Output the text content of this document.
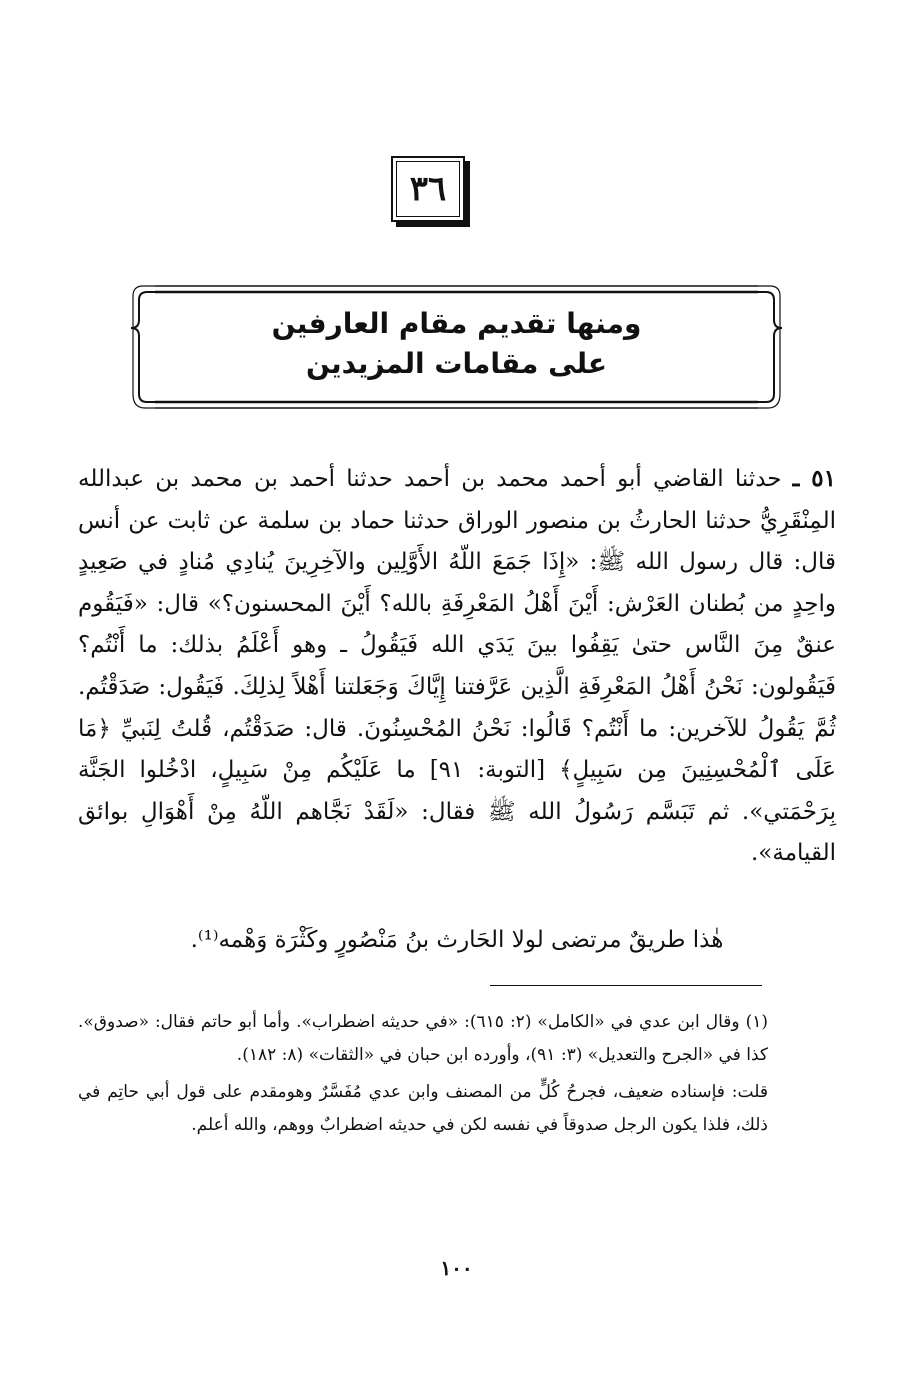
٣٦
ومنها تقديم مقام العارفين
على مقامات المزيدين

٥١ ـ حدثنا القاضي أبو أحمد محمد بن أحمد حدثنا أحمد بن محمد بن عبدالله المِنْقَرِيُّ حدثنا الحارثُ بن منصور الوراق حدثنا حماد بن سلمة عن ثابت عن أنس قال: قال رسول الله ﷺ: «إِذَا جَمَعَ اللّهُ الأَوَّلِين والآخِرِينَ يُنادِي مُنادٍ في صَعِيدٍ واحِدٍ من بُطنان العَرْش: أَيْنَ أَهْلُ المَعْرِفَةِ بالله؟ أَيْنَ المحسنون؟» قال: «فَيَقُوم عنقٌ مِنَ النَّاس حتىٰ يَقِفُوا بينَ يَدَي الله فَيَقُولُ ـ وهو أَعْلَمُ بذلك: ما أَنْتُم؟ فَيَقُولون: نَحْنُ أَهْلُ المَعْرِفَةِ الَّذِين عَرَّفتنا إِيَّاكَ وَجَعَلتنا أَهْلاً لِذلِكَ. فَيَقُول: صَدَقْتُم. ثُمَّ يَقُولُ للآخرين: ما أَنْتُم؟ قَالُوا: نَحْنُ المُحْسِنُونَ. قال: صَدَقْتُم، قُلتُ لِنَبيِّ ﴿مَا عَلَى ٱلْمُحْسِنِينَ مِن سَبِيلٍ﴾ [التوبة: ٩١] ما عَلَيْكُم مِنْ سَبِيلٍ، ادْخُلوا الجَنَّة بِرَحْمَتي». ثم تَبَسَّم رَسُولُ الله ﷺ فقال: «لَقَدْ نَجَّاهم اللّهُ مِنْ أَهْوَالِ بوائق القيامة».

هٰذا طريقٌ مرتضى لولا الحَارث بنُ مَنْصُورٍ وكَثْرَة وَهْمه⁽¹⁾.

(١) وقال ابن عدي في «الكامل» (٢: ٦١٥): «في حديثه اضطراب». وأما أبو حاتم فقال: «صدوق». كذا في «الجرح والتعديل» (٣: ٩١)، وأورده ابن حبان في «الثقات» (٨: ١٨٢).

قلت: فإسناده ضعيف، فجرحُ كُلٍّ من المصنف وابن عدي مُفَسَّرٌ وهومقدم على قول أبي حاتِم في ذلك، فلذا يكون الرجل صدوقاً في نفسه لكن في حديثه اضطرابٌ ووهم، والله أعلم.

١٠٠
